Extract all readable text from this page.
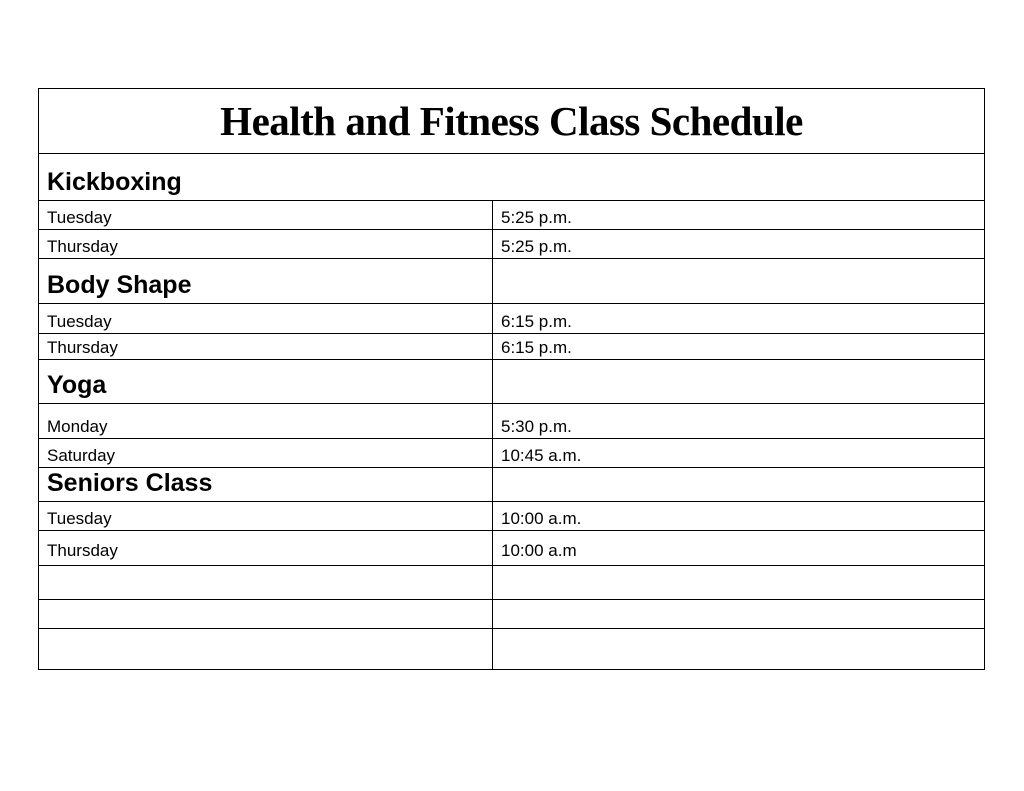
Health and Fitness Class Schedule
Kickboxing
Tuesday	5:25 p.m.
Thursday	5:25 p.m.
Body Shape
Tuesday	6:15 p.m.
Thursday	6:15 p.m.
Yoga
Monday	5:30 p.m.
Saturday	10:45 a.m.
Seniors Class
Tuesday	10:00 a.m.
Thursday	10:00 a.m
